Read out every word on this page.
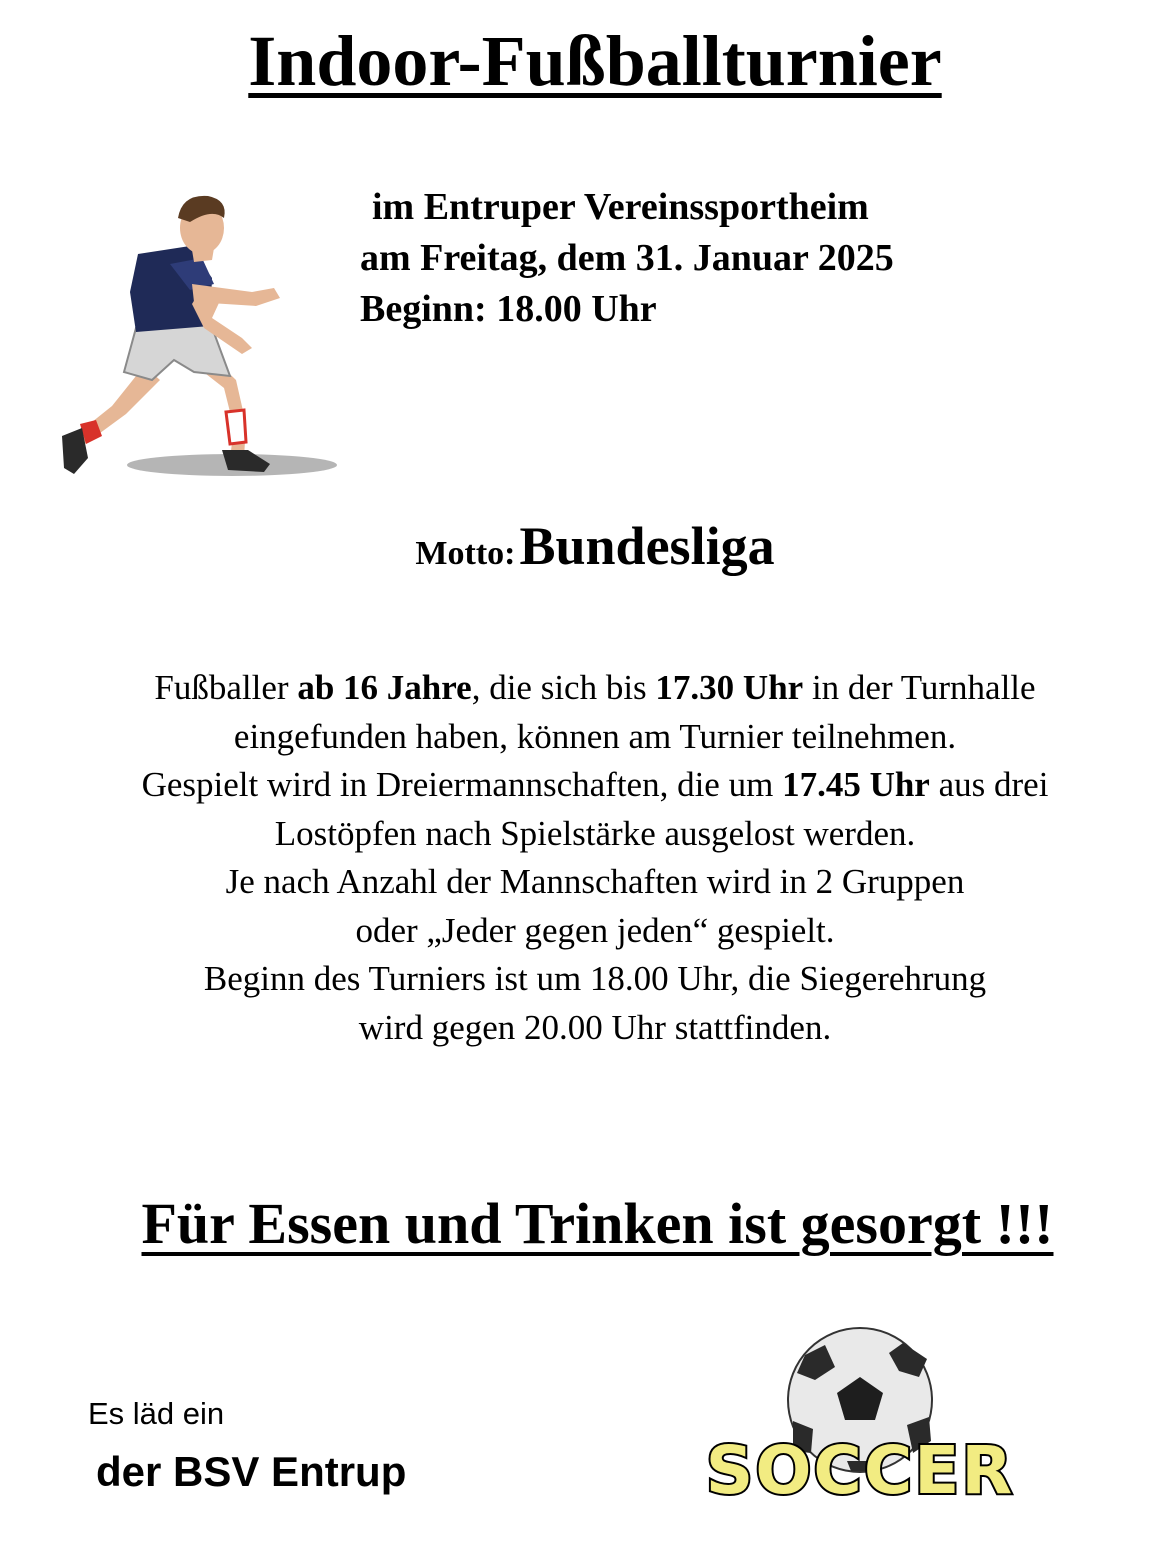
Indoor-Fußballturnier
im Entruper Vereinssportheim
am Freitag, dem 31. Januar 2025
Beginn: 18.00 Uhr
Motto: Bundesliga
Fußballer ab 16 Jahre, die sich bis 17.30 Uhr in der Turnhalle
eingefunden haben, können am Turnier teilnehmen.
Gespielt wird in Dreiermannschaften, die um 17.45 Uhr aus drei
Lostöpfen nach Spielstärke ausgelost werden.
Je nach Anzahl der Mannschaften wird in 2 Gruppen
oder „Jeder gegen jeden“ gespielt.
Beginn des Turniers ist um 18.00 Uhr, die Siegerehrung
wird gegen 20.00 Uhr stattfinden.
Für Essen und Trinken ist gesorgt !!!
Es läd ein
der BSV Entrup	SOCCER
